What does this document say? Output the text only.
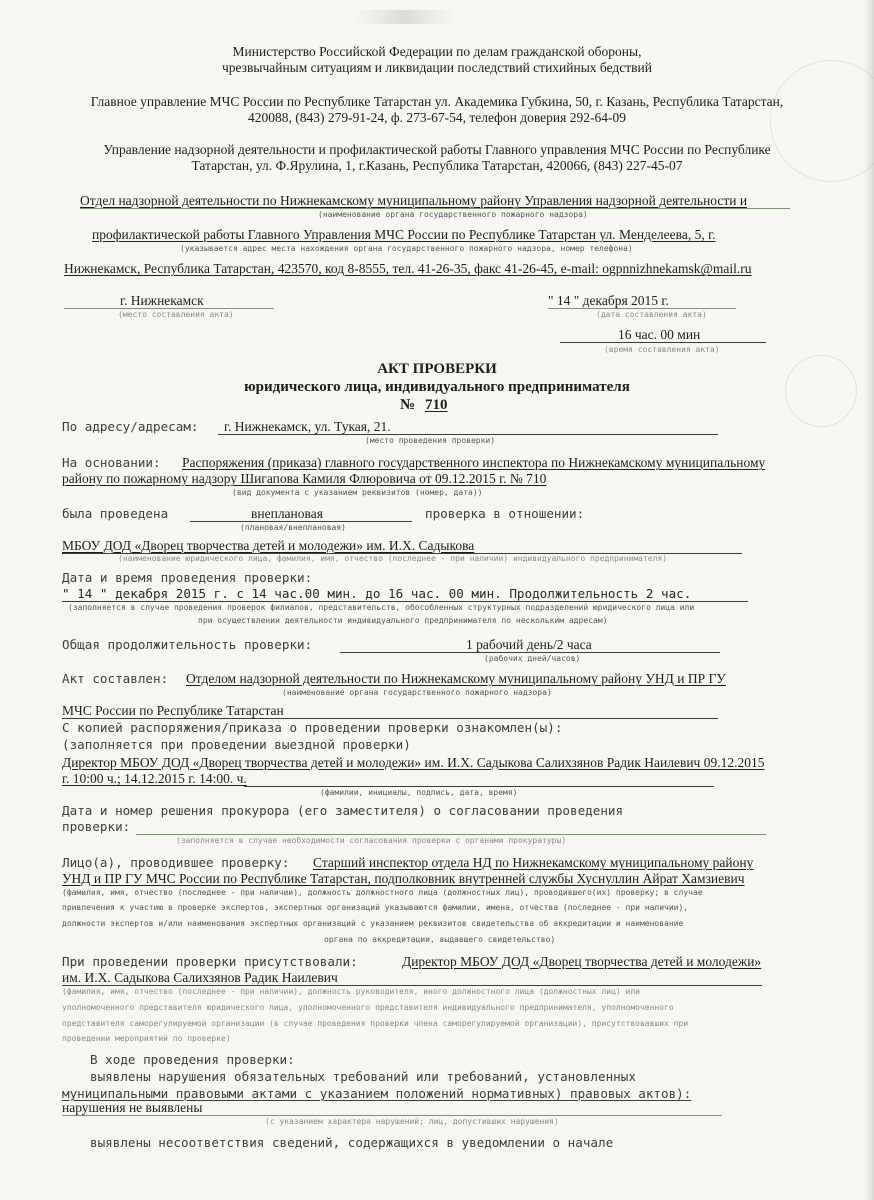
Министерство Российской Федерации по делам гражданской обороны,
чрезвычайным ситуациям и ликвидации последствий стихийных бедствий
Главное управление МЧС России по Республике Татарстан ул. Академика Губкина, 50, г. Казань, Республика Татарстан,
420088, (843) 279-91-24, ф. 273-67-54, телефон доверия 292-64-09
Управление надзорной деятельности и профилактической работы Главного управления МЧС России по Республике
Татарстан, ул. Ф.Ярулина, 1, г.Казань, Республика Татарстан, 420066, (843) 227-45-07
Отдел надзорной деятельности по Нижнекамскому муниципальному району Управления надзорной деятельности и
(наименование органа государственного пожарного надзора)
профилактической работы Главного Управления МЧС России по Республике Татарстан ул. Менделеева, 5, г.
(указывается адрес места нахождения органа государственного пожарного надзора, номер телефона)
Нижнекамск, Республика Татарстан, 423570, код 8-8555, тел. 41-26-35, факс 41-26-45, e-mail: ogpnnizhnekamsk@mail.ru
г. Нижнекамск
(место составления акта)
" 14 " декабря 2015 г.
(дата составления акта)
16 час. 00 мин
(время составления акта)
АКТ ПРОВЕРКИ
юридического лица, индивидуального предпринимателя
№ 710
По адресу/адресам: г. Нижнекамск, ул. Тукая, 21.
(место проведения проверки)
На основании: Распоряжения (приказа) главного государственного инспектора по Нижнекамскому муниципальному
району по пожарному надзору Шигапова Камиля Флюровича от 09.12.2015 г. № 710
(вид документа с указанием реквизитов (номер, дата))
была проведена	внеплановая
(плановая/внеплановая)
проверка в отношении:
МБОУ ДОД «Дворец творчества детей и молодежи» им. И.Х. Садыкова
(наименование юридического лица, фамилия, имя, отчество (последнее - при наличии) индивидуального предпринимателя)
Дата и время проведения проверки:
" 14 " декабря 2015 г. с 14 час.00 мин. до 16 час. 00 мин. Продолжительность 2 час.
(заполняется в случае проведения проверок филиалов, представительств, обособленных структурных подразделений юридического лица или
при осуществлении деятельности индивидуального предпринимателя по нескольким адресам)
Общая продолжительность проверки:	1 рабочий день/2 часа
(рабочих дней/часов)
Акт составлен: Отделом надзорной деятельности по Нижнекамскому муниципальному району УНД и ПР ГУ
(наименование органа государственного пожарного надзора)
МЧС России по Республике Татарстан
С копией распоряжения/приказа о проведении проверки ознакомлен(ы):
(заполняется при проведении выездной проверки)
Директор МБОУ ДОД «Дворец творчества детей и молодежи» им. И.Х. Садыкова Салихзянов Радик Наилевич 09.12.2015
г. 10:00 ч.; 14.12.2015 г. 14:00. ч.
(фамилии, инициалы, подпись, дата, время)
Дата и номер решения прокурора (его заместителя) о согласовании проведения
проверки:
(заполняется в случае необходимости согласования проверки с органами прокуратуры)
Лицо(а), проводившее проверку: Старший инспектор отдела НД по Нижнекамскому муниципальному району
УНД и ПР ГУ МЧС России по Республике Татарстан, подполковник внутренней службы Хуснуллин Айрат Хамзиевич
(фамилия, имя, отчество (последнее - при наличии), должность должностного лица (должностных лиц), проводившего(их) проверку; в случае
привлечения к участию в проверке экспертов, экспертных организаций указываются фамилии, имена, отчества (последнее - при наличии),
должности экспертов и/или наименования экспертных организаций с указанием реквизитов свидетельства об аккредитации и наименование
органа по аккредитации, выдавшего свидетельство)
При проведении проверки присутствовали:	Директор МБОУ ДОД «Дворец творчества детей и молодежи»
им. И.Х. Садыкова Салихзянов Радик Наилевич
(фамилия, имя, отчество (последнее - при наличии), должность руководителя, иного должностного лица (должностных лиц) или
уполномоченного представителя юридического лица, уполномоченного представителя индивидуального предпринимателя, уполномоченного
представителя саморегулируемой организации (в случае проведения проверки члена саморегулируемой организации), присутствовавших при
проведении мероприятий по проверке)
В ходе проведения проверки:
выявлены нарушения обязательных требований или требований, установленных
муниципальными правовыми актами с указанием положений нормативных) правовых актов):
нарушения не выявлены
(с указанием характера нарушений; лиц, допустивших нарушения)
выявлены несоответствия сведений, содержащихся в уведомлении о начале
